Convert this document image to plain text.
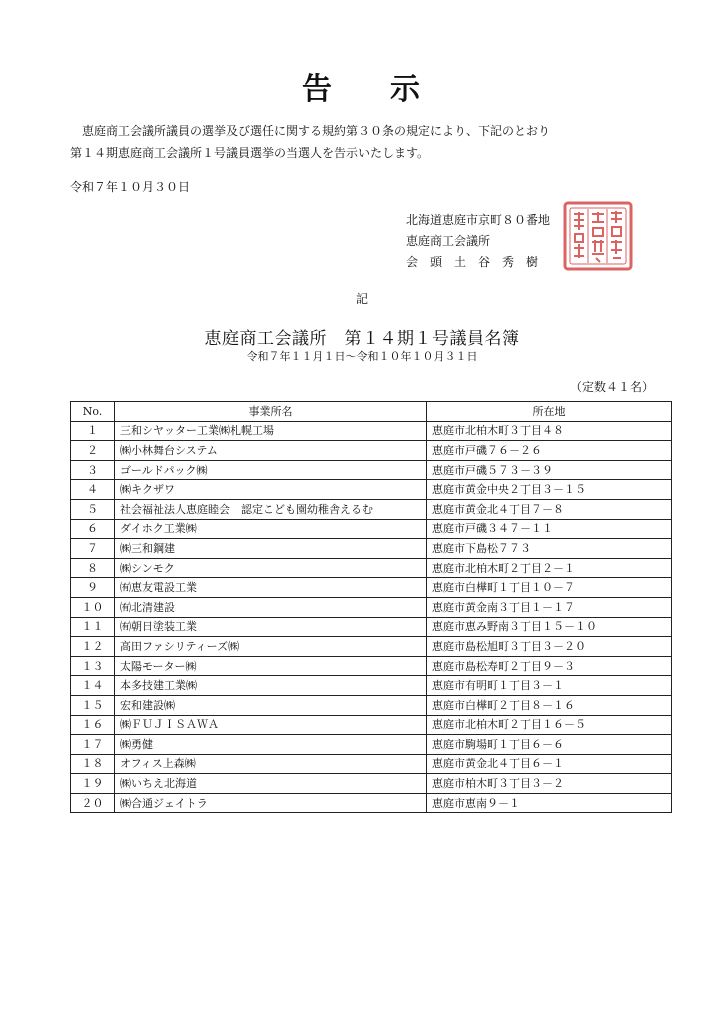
告 示

恵庭商工会議所議員の選挙及び選任に関する規約第３０条の規定により、下記のとおり

第１４期恵庭商工会議所１号議員選挙の当選人を告示いたします。

令和７年１０月３０日
北海道恵庭市京町８０番地
恵庭商工会議所
会　頭　土　谷　秀　樹
記
恵庭商工会議所　第１４期１号議員名簿
令和７年１１月１日～令和１０年１０月３１日
（定数４１名）
No.	事業所名	所在地
１	三和シヤッター工業㈱札幌工場	恵庭市北柏木町３丁目４８
２	㈱小林舞台システム	恵庭市戸磯７６－２６
３	ゴールドパック㈱	恵庭市戸磯５７３－３９
４	㈱キクザワ	恵庭市黄金中央２丁目３－１５
５	社会福祉法人恵庭睦会　認定こども園幼稚舎えるむ	恵庭市黄金北４丁目７－８
６	ダイホク工業㈱	恵庭市戸磯３４７－１１
７	㈱三和鋼建	恵庭市下島松７７３
８	㈱シンモク	恵庭市北柏木町２丁目２－１
９	㈲恵友電設工業	恵庭市白樺町１丁目１０－７
１０	㈲北清建設	恵庭市黄金南３丁目１－１７
１１	㈲朝日塗装工業	恵庭市恵み野南３丁目１５－１０
１２	高田ファシリティーズ㈱	恵庭市島松旭町３丁目３－２０
１３	太陽モーター㈱	恵庭市島松寿町２丁目９－３
１４	本多技建工業㈱	恵庭市有明町１丁目３－１
１５	宏和建設㈱	恵庭市白樺町２丁目８－１６
１６	㈱ＦＵＪＩＳＡＷＡ	恵庭市北柏木町２丁目１６－５
１７	㈱勇健	恵庭市駒場町１丁目６－６
１８	オフィス上森㈱	恵庭市黄金北４丁目６－１
１９	㈱いちえ北海道	恵庭市柏木町３丁目３－２
２０	㈱合通ジェイトラ	恵庭市恵南９－１
